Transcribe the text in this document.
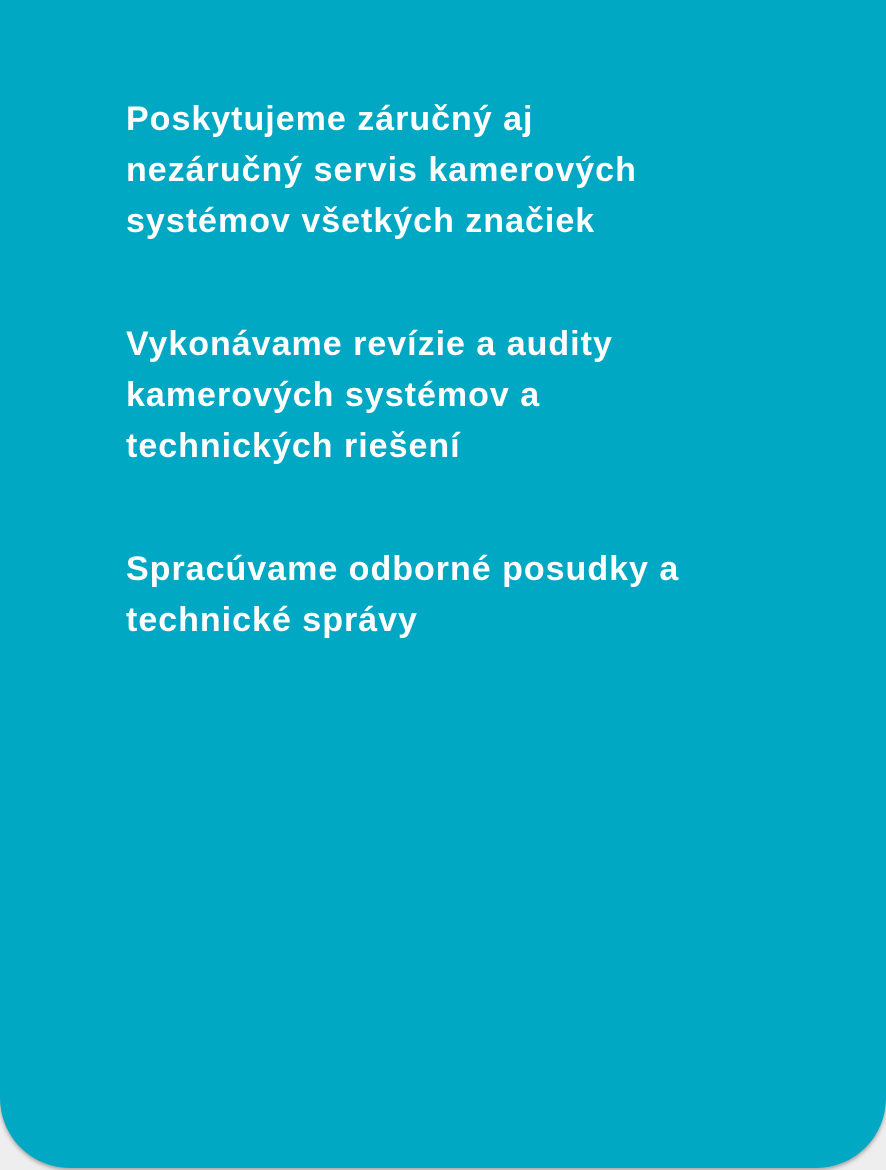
Poskytujeme záručný aj
nezáručný servis kamerových
systémov všetkých značiek

Vykonávame revízie a audity
kamerových systémov a
technických riešení

Spracúvame odborné posudky a
technické správy
